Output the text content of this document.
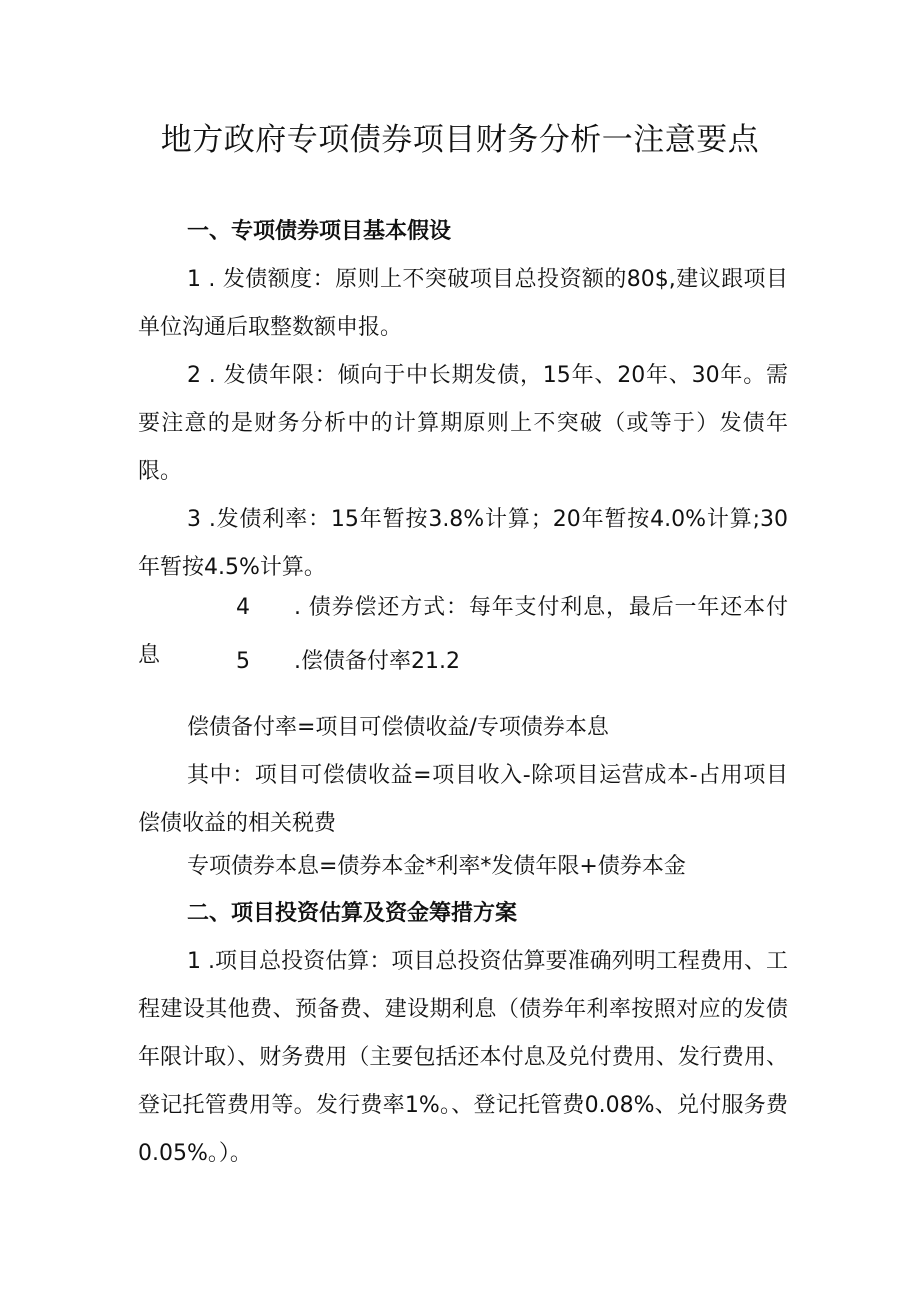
地方政府专项债券项目财务分析一注意要点

一、专项债券项目基本假设

1 . 发债额度：原则上不突破项目总投资额的80$,建议跟项目单位沟通后取整数额申报。

2 . 发债年限：倾向于中长期发债，15年、20年、30年。需要注意的是财务分析中的计算期原则上不突破（或等于）发债年限。

3 .发债利率：15年暂按3.8%计算；20年暂按4.0%计算;30年暂按4.5%计算。

4 . 债券偿还方式：每年支付利息，最后一年还本付息	5 .偿债备付率21.2

偿债备付率=项目可偿债收益/专项债券本息

其中：项目可偿债收益=项目收入-除项目运营成本-占用项目偿债收益的相关税费

专项债券本息=债券本金*利率*发债年限+债券本金

二、项目投资估算及资金筹措方案

1 .项目总投资估算：项目总投资估算要准确列明工程费用、工程建设其他费、预备费、建设期利息（债券年利率按照对应的发债年限计取）、财务费用（主要包括还本付息及兑付费用、发行费用、登记托管费用等。发行费率1%。、登记托管费0.08%、兑付服务费0.05%。）。
